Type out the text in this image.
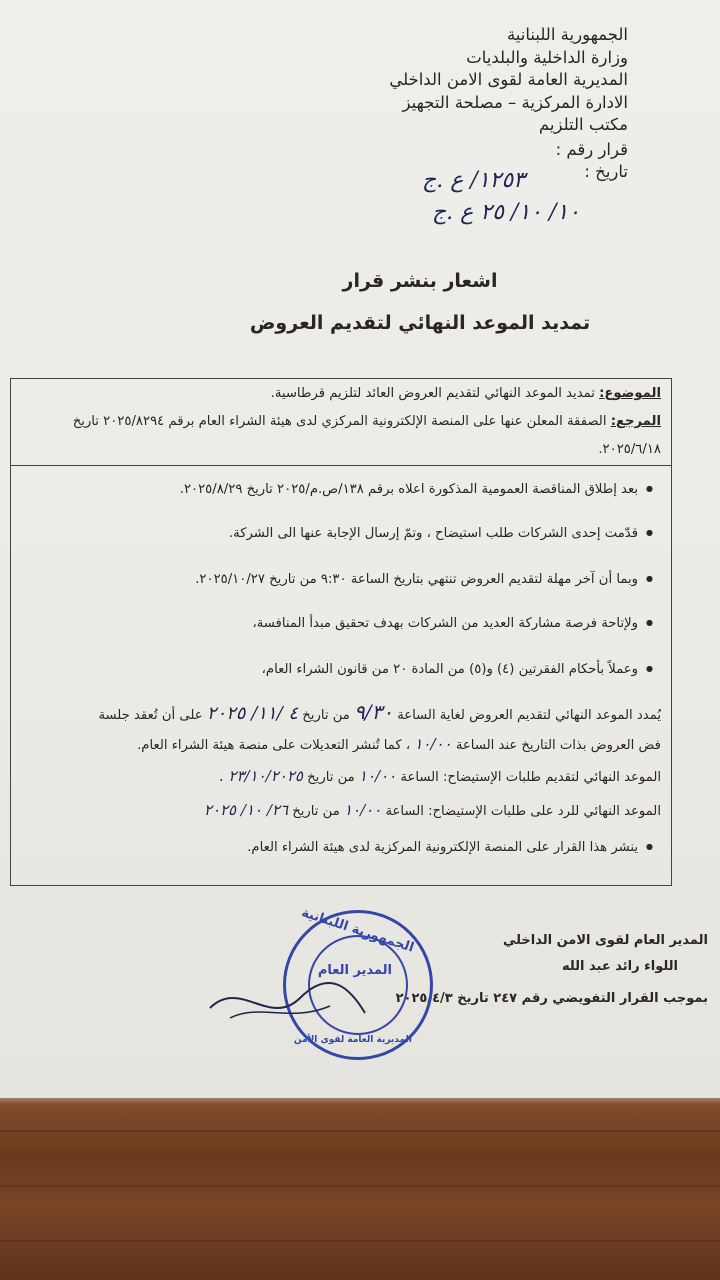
الجمهورية اللبنانية
وزارة الداخلية والبلديات
المديرية العامة لقوى الامن الداخلي
الادارة المركزية – مصلحة التجهيز
مكتب التلزيم
قرار رقم :
تاريخ :
١٢٥٣/ ع .ج
١٠/ ١٠/ ٢٥ ع .ج
اشعار بنشر قرار
تمديد الموعد النهائي لتقديم العروض
الموضوع: تمديد الموعد النهائي لتقديم العروض العائد لتلزيم قرطاسية.
المرجع: الصفقة المعلن عنها على المنصة الإلكترونية المركزي لدى هيئة الشراء العام برقم ٢٠٢٥/٨٢٩٤ تاريخ
٢٠٢٥/٦/١٨.
● بعد إطلاق المناقصة العمومية المذكورة اعلاه برقم ١٣٨/ص.م/٢٠٢٥ تاريخ ٢٠٢٥/٨/٢٩.
● قدّمت إحدى الشركات طلب استيضاح ، وتمّ إرسال الإجابة عنها الى الشركة.
● وبما أن آخر مهلة لتقديم العروض تنتهي بتاريخ الساعة ٩:٣٠ من تاريخ ٢٠٢٥/١٠/٢٧.
● ولإتاحة فرصة مشاركة العديد من الشركات بهدف تحقيق مبدأ المنافسة،
● وعملاً بأحكام الفقرتين (٤) و(٥) من المادة ٢٠ من قانون الشراء العام،
يُمدد الموعد النهائي لتقديم العروض لغاية الساعة ٩/٣٠ من تاريخ ٤ /١١/ ٢٠٢٥ على أن تُعقد جلسة
فض العروض بذات التاريخ عند الساعة ١٠/٠٠ ، كما تُنشر التعديلات على منصة هيئة الشراء العام.
الموعد النهائي لتقديم طلبات الإستيضاح: الساعة ١٠/٠٠ من تاريخ ٢٣/١٠/٢٠٢٥ .
الموعد النهائي للرد على طلبات الإستيضاح: الساعة ١٠/٠٠ من تاريخ ٢٦/ ١٠/ ٢٠٢٥
● ينشر هذا القرار على المنصة الإلكترونية المركزية لدى هيئة الشراء العام.
المدير العام لقوى الامن الداخلي
اللواء رائد عبد الله
بموجب القرار التفويضي رقم ٢٤٧ تاريخ ٢٠٢٥/٤/٣
الجمهورية اللبنانية
المدير العام
المديرية العامة لقوى الأمن
